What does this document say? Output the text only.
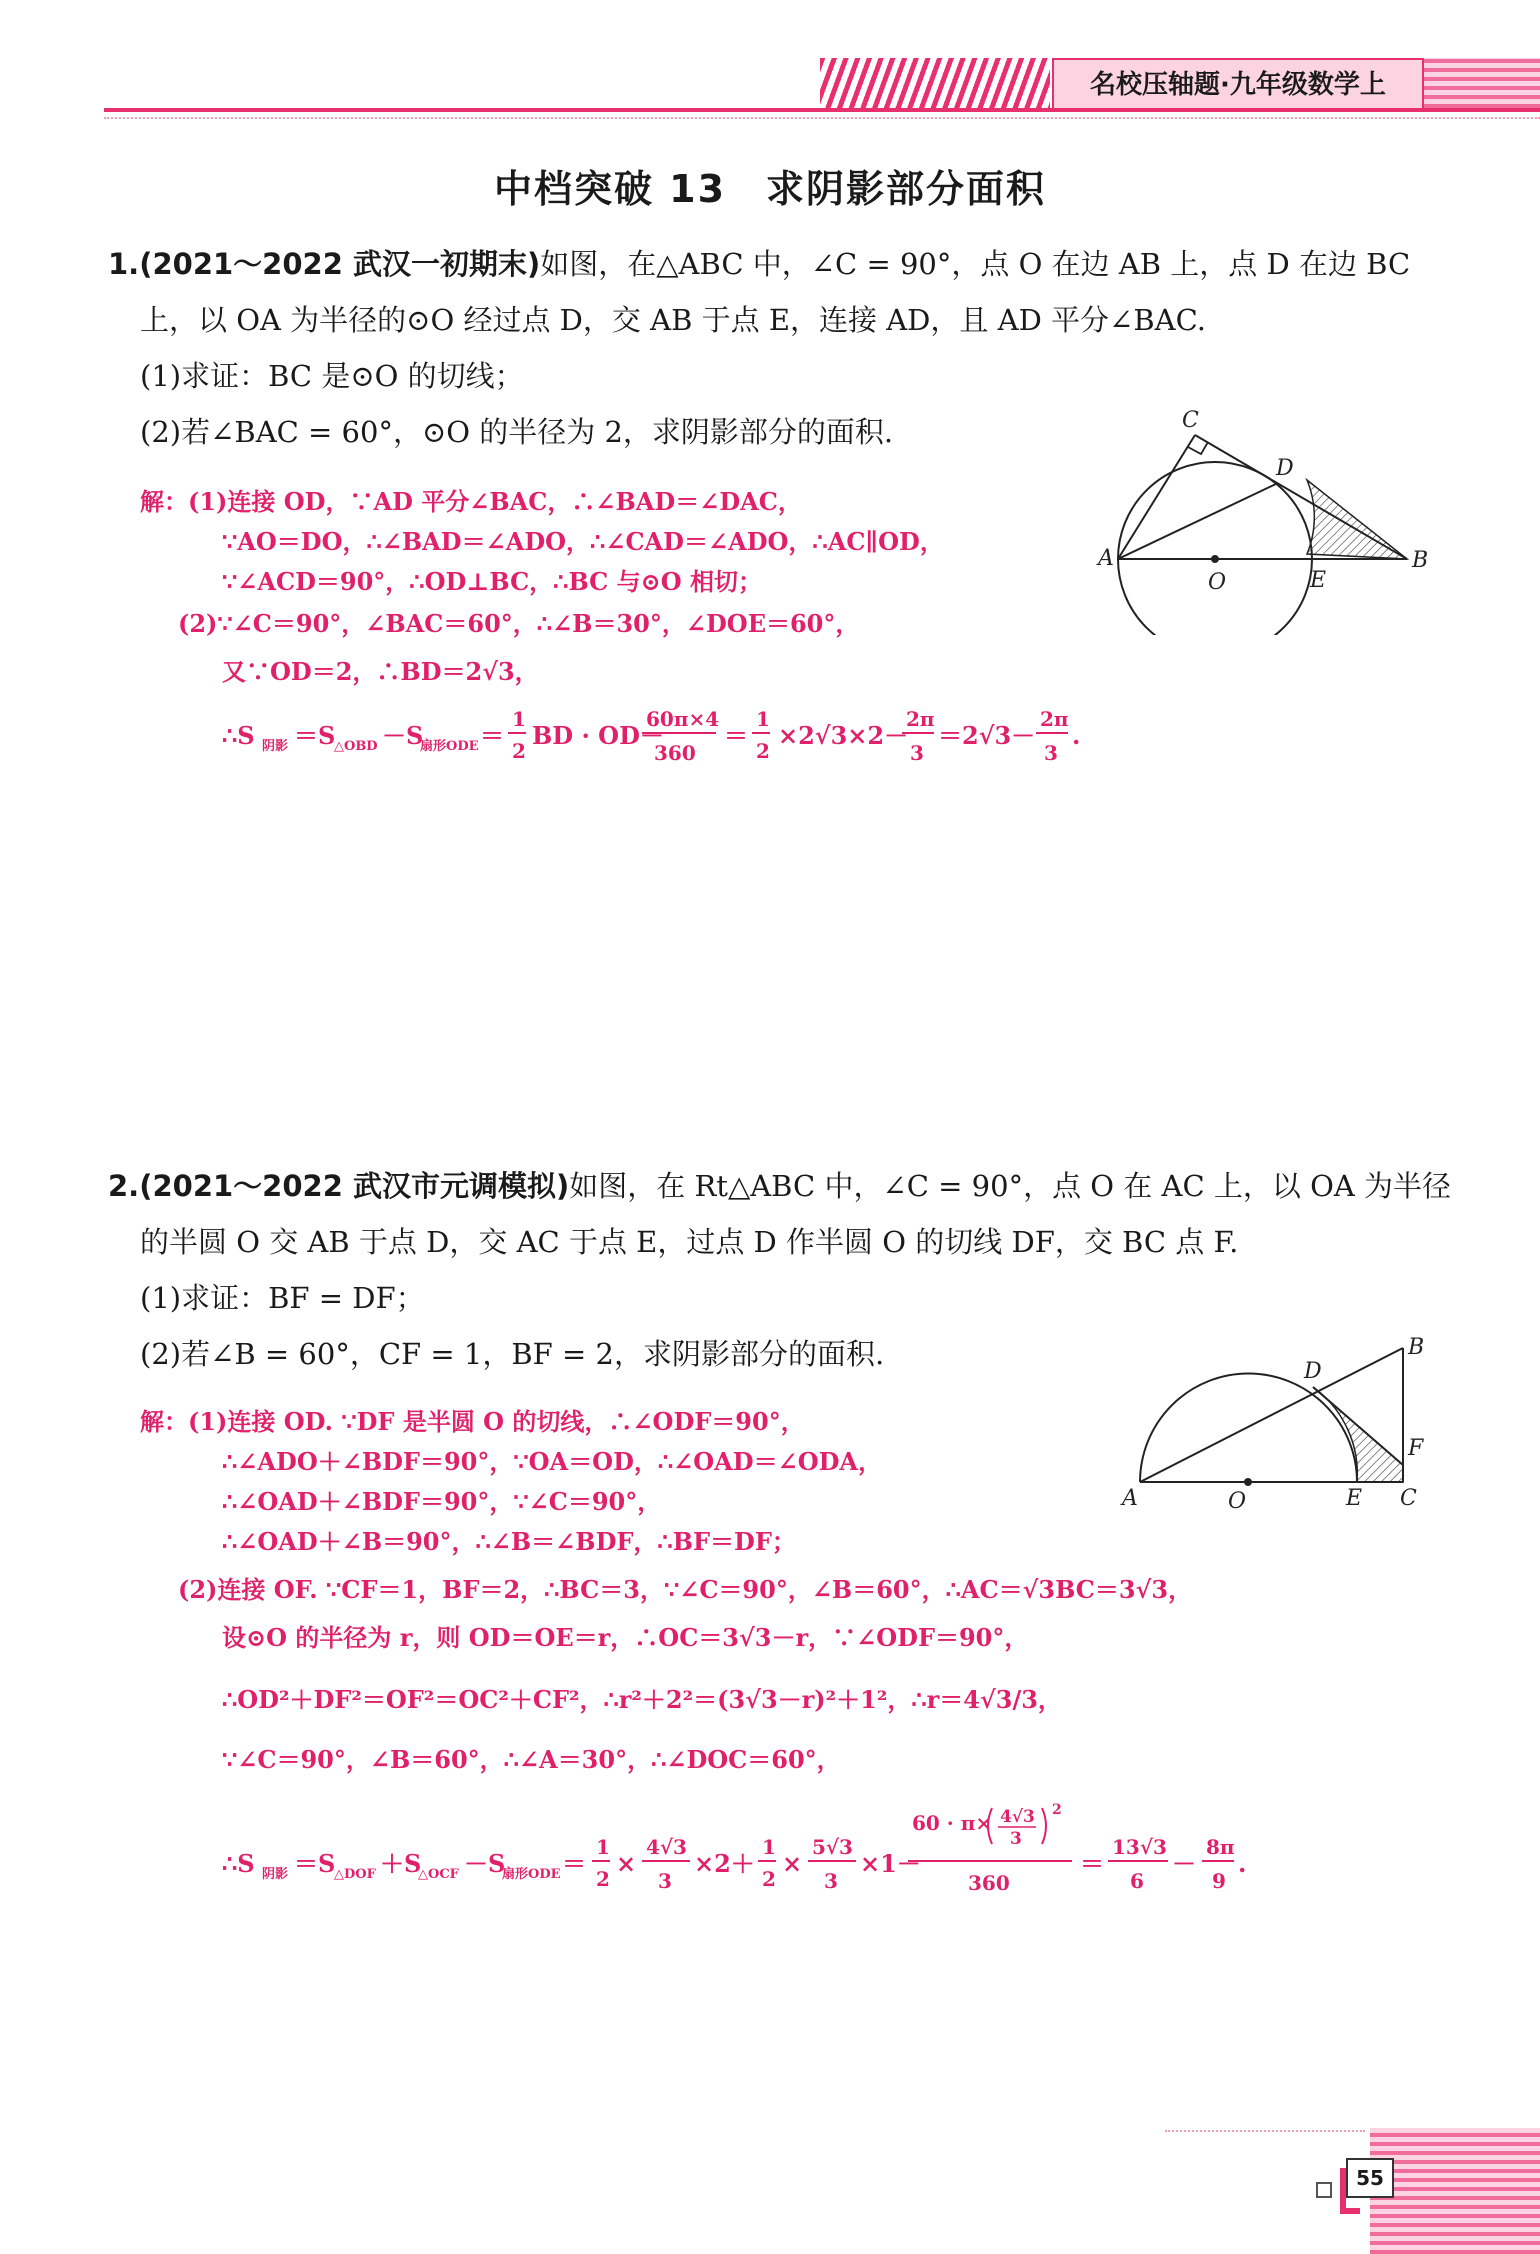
名校压轴题·九年级数学上
中档突破 13　求阴影部分面积
1.(2021～2022 武汉一初期末)如图，在△ABC 中，∠C = 90°，点 O 在边 AB 上，点 D 在边 BC
上，以 OA 为半径的⊙O 经过点 D，交 AB 于点 E，连接 AD，且 AD 平分∠BAC.
(1)求证：BC 是⊙O 的切线；
(2)若∠BAC = 60°，⊙O 的半径为 2，求阴影部分的面积.
解：(1)连接 OD，∵AD 平分∠BAC，∴∠BAD＝∠DAC，
∵AO＝DO，∴∠BAD＝∠ADO，∴∠CAD＝∠ADO，∴AC∥OD，
∵∠ACD＝90°，∴OD⊥BC，∴BC 与⊙O 相切；
(2)∵∠C＝90°，∠BAC＝60°，∴∠B＝30°，∠DOE＝60°，
又∵OD＝2，∴BD＝2√3，
∴S 阴影 ＝S
△OBD －S
扇形ODE ＝
1
2
BD · OD－
60π×4
360
＝
1
2
×2√3×2－
2π
3
＝2√3－
2π
3
.
A	B
C
D
E
O
2.(2021～2022 武汉市元调模拟)如图，在 Rt△ABC 中，∠C = 90°，点 O 在 AC 上，以 OA 为半径
的半圆 O 交 AB 于点 D，交 AC 于点 E，过点 D 作半圆 O 的切线 DF，交 BC 点 F.
(1)求证：BF = DF；
(2)若∠B = 60°，CF = 1，BF = 2，求阴影部分的面积.
解：(1)连接 OD. ∵DF 是半圆 O 的切线，∴∠ODF＝90°，
∴∠ADO＋∠BDF＝90°，∵OA＝OD，∴∠OAD＝∠ODA，
∴∠OAD＋∠BDF＝90°，∵∠C＝90°，
∴∠OAD＋∠B＝90°，∴∠B＝∠BDF，∴BF＝DF；
(2)连接 OF. ∵CF＝1，BF＝2，∴BC＝3，∵∠C＝90°，∠B＝60°，∴AC＝√3BC＝3√3，
设⊙O 的半径为 r，则 OD＝OE＝r，∴OC＝3√3－r，∵∠ODF＝90°，
∴OD²＋DF²＝OF²＝OC²＋CF²，∴r²＋2²＝(3√3－r)²＋1²，∴r＝4√3/3，
∵∠C＝90°，∠B＝60°，∴∠A＝30°，∴∠DOC＝60°，
∴S 阴影 ＝S
△DOF ＋S
△OCF －S
扇形ODE ＝
1
2
×
4√3
3
×2＋
1
2
×
5√3
3
×1－
60 · π× 4√3
3
2
360
＝
13√3
6
－
8π
9
.
A
B
C
D
E
F
O
55
